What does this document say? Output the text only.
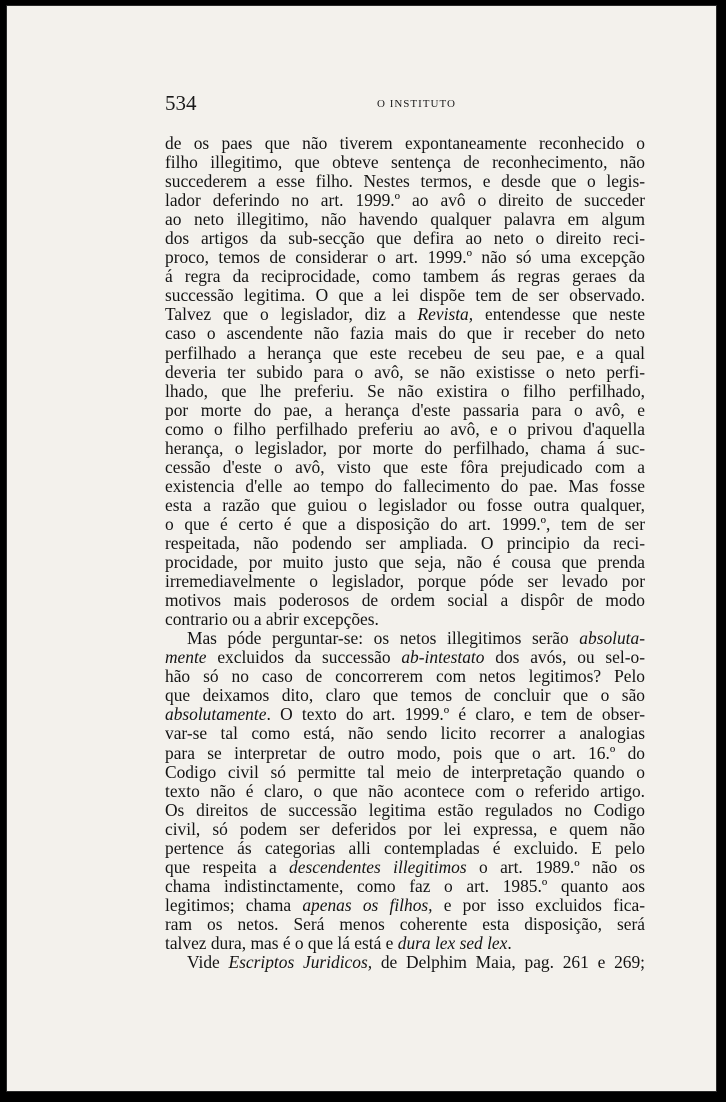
534	O INSTITUTO

de os paes que não tiverem expontaneamente reconhecido o
filho illegitimo, que obteve sentença de reconhecimento, não
succederem a esse filho. Nestes termos, e desde que o legis-
lador deferindo no art. 1999.º ao avô o direito de succeder
ao neto illegitimo, não havendo qualquer palavra em algum
dos artigos da sub-secção que defira ao neto o direito reci-
proco, temos de considerar o art. 1999.º não só uma excepção
á regra da reciprocidade, como tambem ás regras geraes da
successão legitima. O que a lei dispõe tem de ser observado.
Talvez que o legislador, diz a Revista, entendesse que neste
caso o ascendente não fazia mais do que ir receber do neto
perfilhado a herança que este recebeu de seu pae, e a qual
deveria ter subido para o avô, se não existisse o neto perfi-
lhado, que lhe preferiu. Se não existira o filho perfilhado,
por morte do pae, a herança d'este passaria para o avô, e
como o filho perfilhado preferiu ao avô, e o privou d'aquella
herança, o legislador, por morte do perfilhado, chama á suc-
cessão d'este o avô, visto que este fôra prejudicado com a
existencia d'elle ao tempo do fallecimento do pae. Mas fosse
esta a razão que guiou o legislador ou fosse outra qualquer,
o que é certo é que a disposição do art. 1999.º, tem de ser
respeitada, não podendo ser ampliada. O principio da reci-
procidade, por muito justo que seja, não é cousa que prenda
irremediavelmente o legislador, porque póde ser levado por
motivos mais poderosos de ordem social a dispôr de modo
contrario ou a abrir excepções.
Mas póde perguntar-se: os netos illegitimos serão absoluta-
mente excluidos da successão ab-intestato dos avós, ou sel-o-
hão só no caso de concorrerem com netos legitimos? Pelo
que deixamos dito, claro que temos de concluir que o são
absolutamente. O texto do art. 1999.º é claro, e tem de obser-
var-se tal como está, não sendo licito recorrer a analogias
para se interpretar de outro modo, pois que o art. 16.º do
Codigo civil só permitte tal meio de interpretação quando o
texto não é claro, o que não acontece com o referido artigo.
Os direitos de successão legitima estão regulados no Codigo
civil, só podem ser deferidos por lei expressa, e quem não
pertence ás categorias alli contempladas é excluido. E pelo
que respeita a descendentes illegitimos o art. 1989.º não os
chama indistinctamente, como faz o art. 1985.º quanto aos
legitimos; chama apenas os filhos, e por isso excluidos fica-
ram os netos. Será menos coherente esta disposição, será
talvez dura, mas é o que lá está e dura lex sed lex.
Vide Escriptos Juridicos, de Delphim Maia, pag. 261 e 269;
